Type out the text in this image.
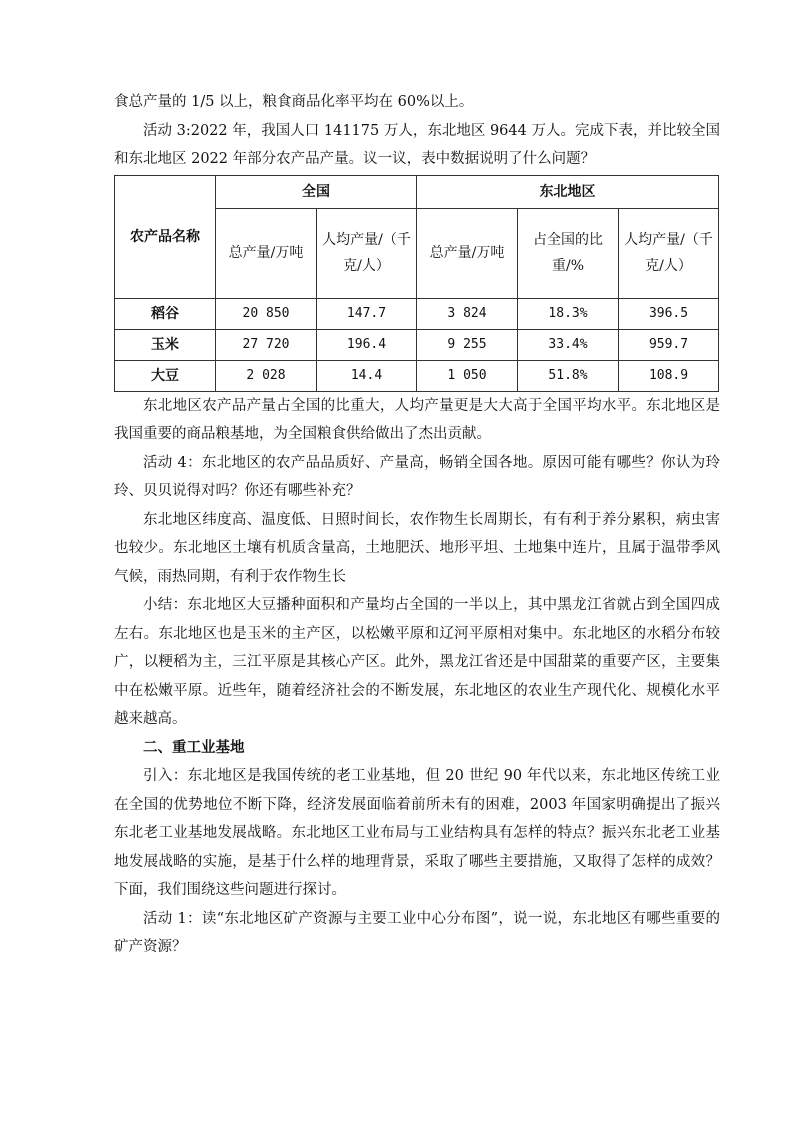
食总产量的 1/5 以上，粮食商品化率平均在 60%以上。

活动 3:2022 年，我国人口 141175 万人，东北地区 9644 万人。完成下表，并比较全国和东北地区 2022 年部分农产品产量。议一议，表中数据说明了什么问题？

农产品名称	全国		东北地区		
	总产量/万吨	人均产量/（千克/人）	总产量/万吨	占全国的比重/%	人均产量/（千克/人）
稻谷	20 850	147.7	3 824	18.3%	396.5
玉米	27 720	196.4	9 255	33.4%	959.7
大豆	2 028	14.4	1 050	51.8%	108.9

东北地区农产品产量占全国的比重大，人均产量更是大大高于全国平均水平。东北地区是我国重要的商品粮基地，为全国粮食供给做出了杰出贡献。

活动 4：东北地区的农产品品质好、产量高，畅销全国各地。原因可能有哪些？你认为玲玲、贝贝说得对吗？你还有哪些补充？

东北地区纬度高、温度低、日照时间长，农作物生长周期长，有有利于养分累积，病虫害也较少。东北地区土壤有机质含量高，土地肥沃、地形平坦、土地集中连片，且属于温带季风气候，雨热同期，有利于农作物生长

小结：东北地区大豆播种面积和产量均占全国的一半以上，其中黑龙江省就占到全国四成左右。东北地区也是玉米的主产区，以松嫩平原和辽河平原相对集中。东北地区的水稻分布较广，以粳稻为主，三江平原是其核心产区。此外，黑龙江省还是中国甜菜的重要产区，主要集中在松嫩平原。近些年，随着经济社会的不断发展，东北地区的农业生产现代化、规模化水平越来越高。

二、重工业基地

引入：东北地区是我国传统的老工业基地，但 20 世纪 90 年代以来，东北地区传统工业在全国的优势地位不断下降，经济发展面临着前所未有的困难，2003 年国家明确提出了振兴东北老工业基地发展战略。东北地区工业布局与工业结构具有怎样的特点？振兴东北老工业基地发展战略的实施，是基于什么样的地理背景，采取了哪些主要措施，又取得了怎样的成效？下面，我们围绕这些问题进行探讨。

活动 1：读“东北地区矿产资源与主要工业中心分布图”，说一说，东北地区有哪些重要的矿产资源？
